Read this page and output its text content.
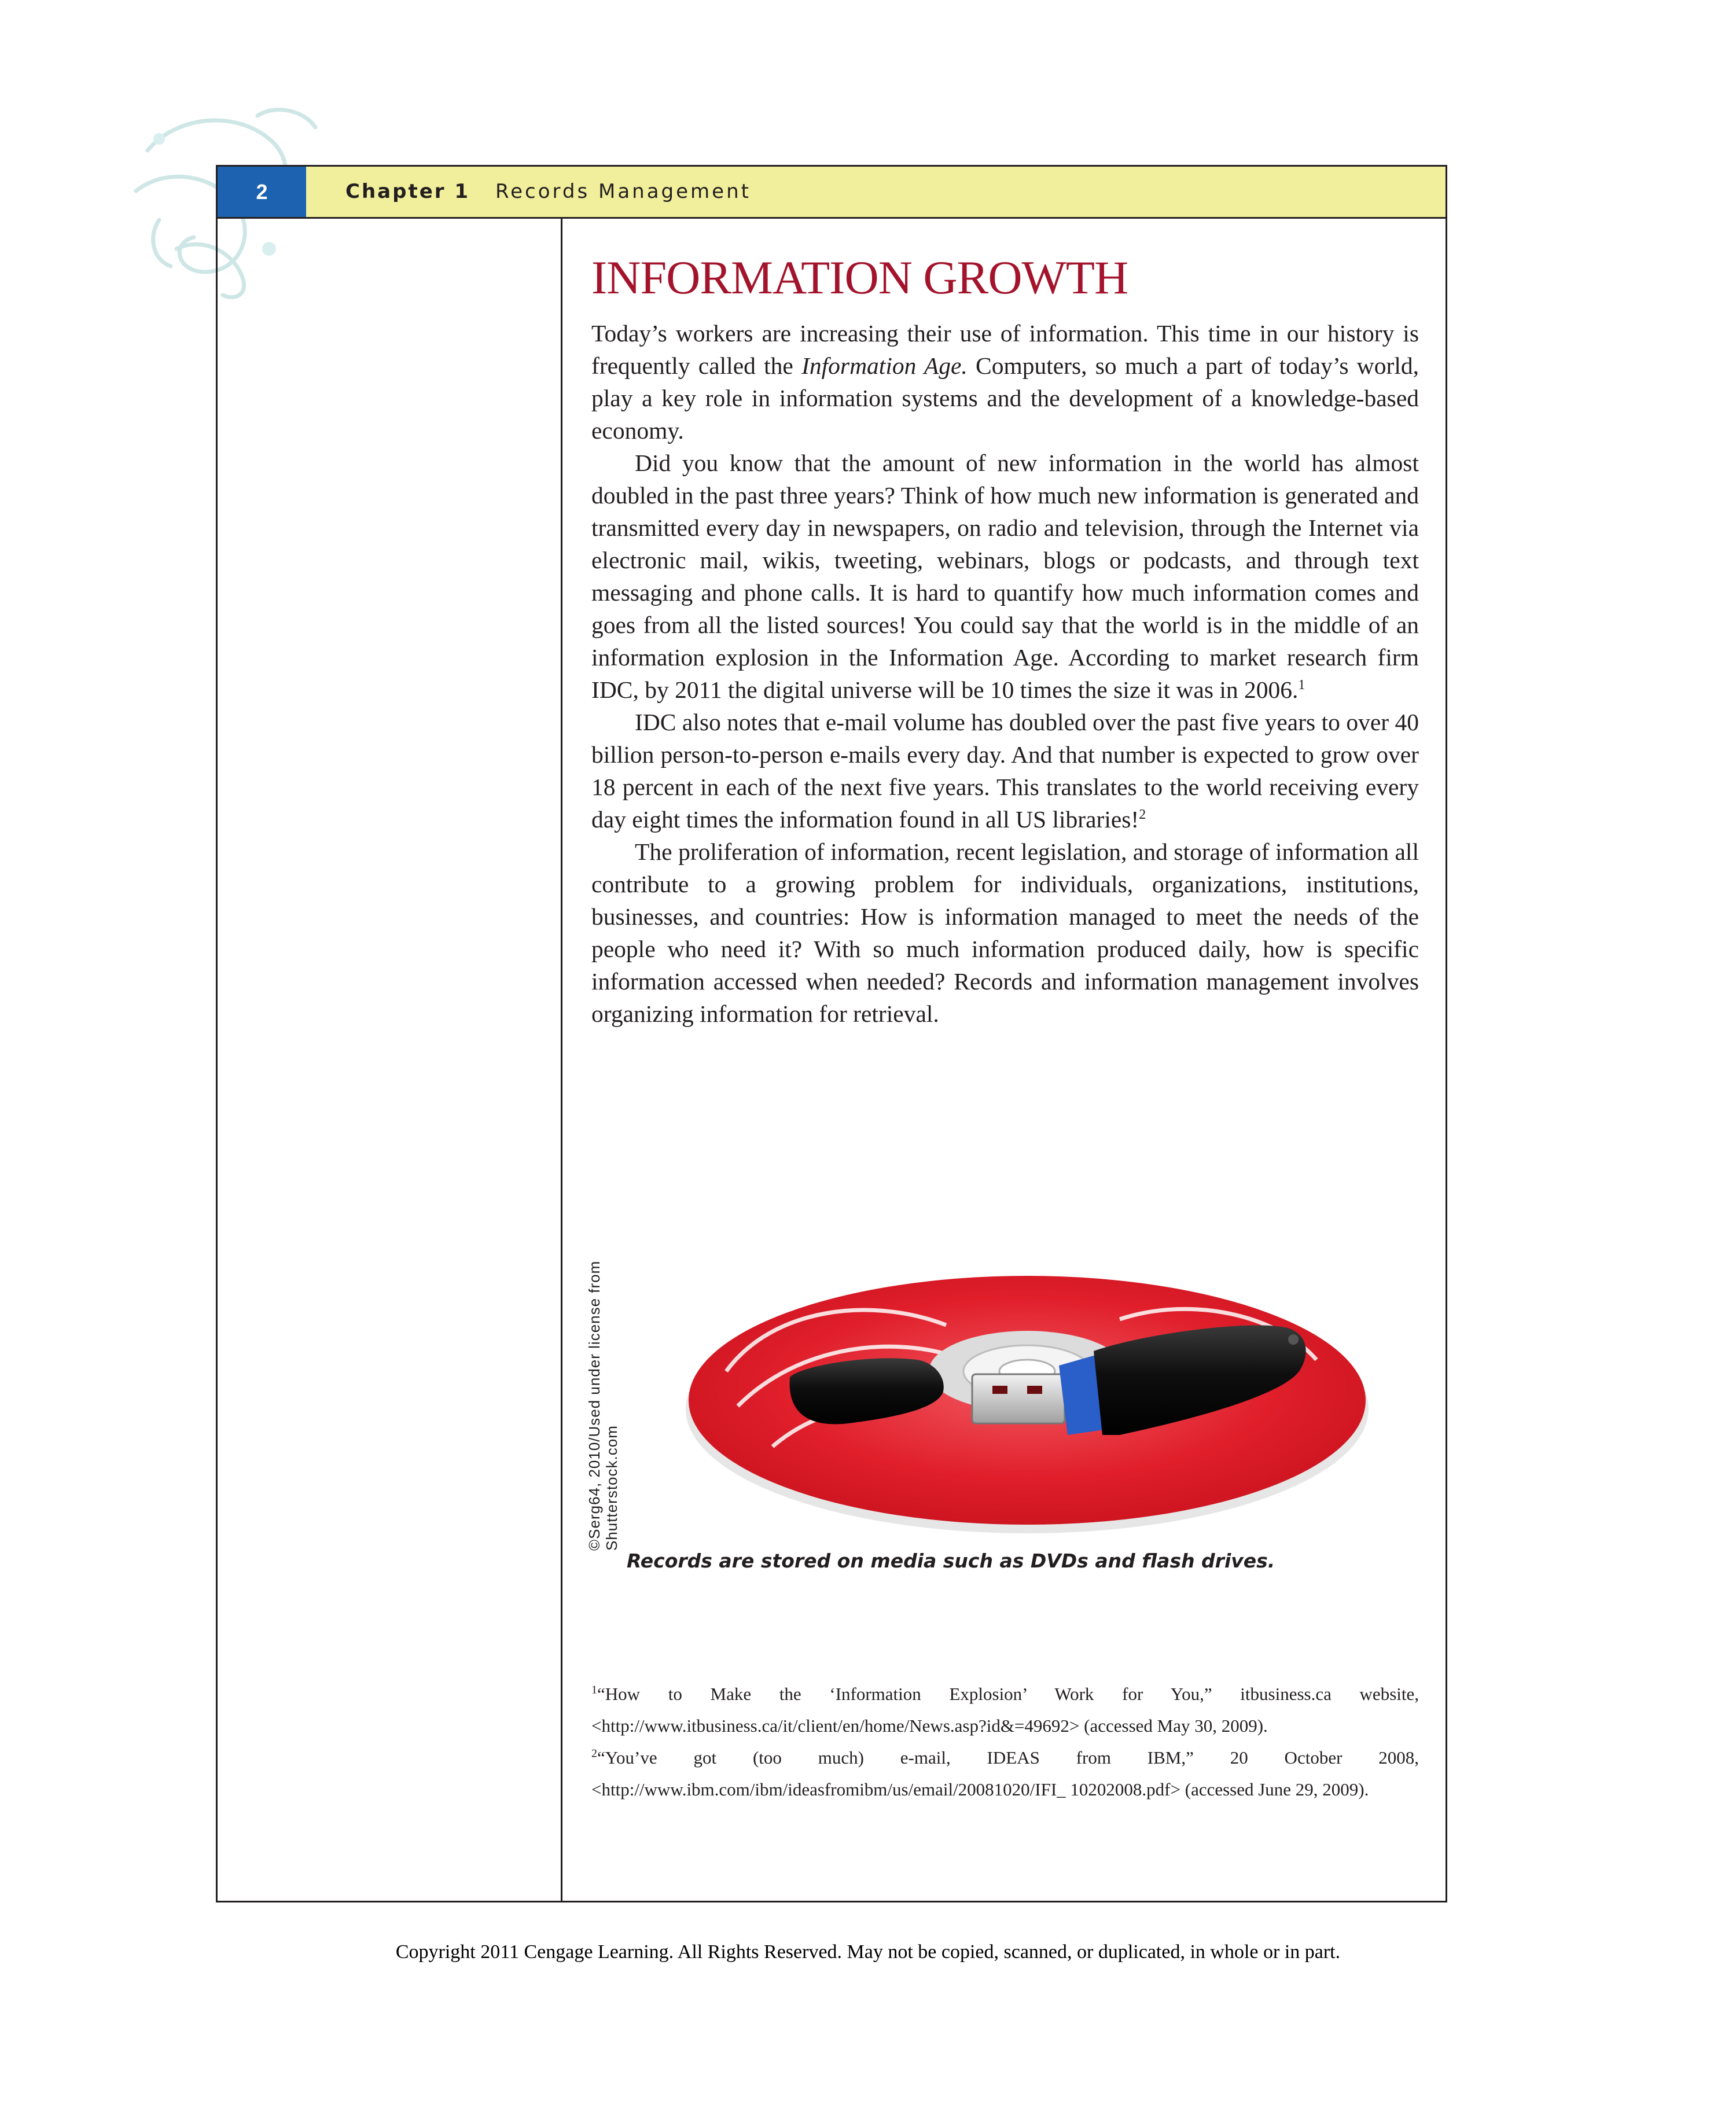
2	Chapter 1 Records Management
INFORMATION GROWTH

Today’s workers are increasing their use of information. This time in our history is frequently called the Information Age. Computers, so much a part of today’s world, play a key role in information systems and the development of a knowledge-based economy.

Did you know that the amount of new information in the world has almost doubled in the past three years? Think of how much new information is generated and transmitted every day in newspapers, on radio and television, through the Internet via electronic mail, wikis, tweeting, webinars, blogs or podcasts, and through text messaging and phone calls. It is hard to quantify how much information comes and goes from all the listed sources! You could say that the world is in the middle of an information explosion in the Information Age. According to market research firm IDC, by 2011 the digital universe will be 10 times the size it was in 2006.$^1$

IDC also notes that e-mail volume has doubled over the past five years to over 40 billion person-to-person e-mails every day. And that number is expected to grow over 18 percent in each of the next five years. This translates to the world receiving every day eight times the information found in all US libraries!$^2$

The proliferation of information, recent legislation, and storage of information all contribute to a growing problem for individuals, organizations, institutions, businesses, and countries: How is information managed to meet the needs of the people who need it? With so much information produced daily, how is specific information accessed when needed? Records and information management involves organizing information for retrieval.

©Serg64, 2010/Used under license from Shutterstock.com

Records are stored on media such as DVDs and flash drives.

$^1$“How to Make the ‘Information Explosion’ Work for You,” itbusiness.ca website, <http://www.itbusiness.ca/it/client/en/home/News.asp?id&=49692> (accessed May 30, 2009).

$^2$“You’ve got (too much) e-mail, IDEAS from IBM,” 20 October 2008, <http://www.ibm.com/ibm/ideasfromibm/us/email/20081020/IFI_ 10202008.pdf> (accessed June 29, 2009).

Copyright 2011 Cengage Learning. All Rights Reserved. May not be copied, scanned, or duplicated, in whole or in part.
